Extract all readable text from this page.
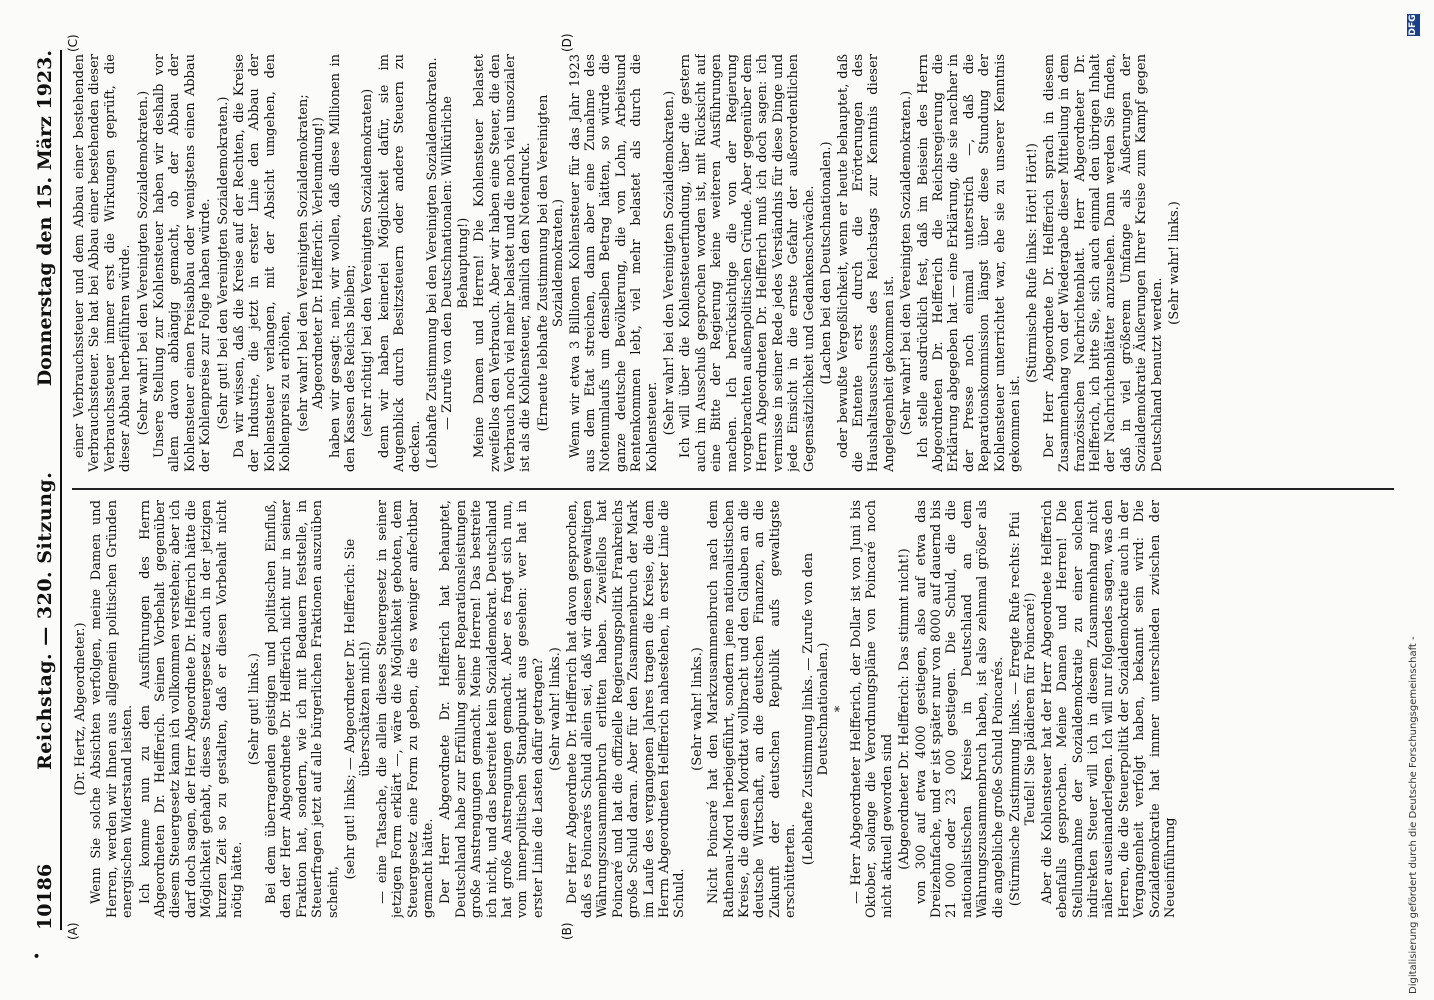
10186
Reichstag. — 320. Sitzung.
Donnerstag den 15. März 1923.
•
(A)	(B)
(C)	(D)

(Dr. Hertz, Abgeordneter.) Wenn Sie solche Absichten verfolgen, meine Damen und Herren, werden wir Ihnen aus allgemein politischen Gründen energischen Widerstand leisten. Ich komme nun zu den Ausführungen des Herrn Abgeordneten Dr. Helfferich. Seinen Vorbehalt gegenüber diesem Steuergesetz kann ich vollkommen verstehen; aber ich darf doch sagen, der Herr Abgeordnete Dr. Helfferich hätte die Möglichkeit gehabt, dieses Steuergesetz auch in der jetzigen kurzen Zeit so zu gestalten, daß er diesen Vorbehalt nicht nötig hätte.

(Sehr gut! links.) Bei dem überragenden geistigen und politischen Einfluß, den der Herr Abgeordnete Dr. Helfferich nicht nur in seiner Fraktion hat, sondern, wie ich mit Bedauern feststelle, in Steuerfragen jetzt auf alle bürgerlichen Fraktionen auszuüben scheint,

(sehr gut! links; — Abgeordneter Dr. Helfferich: Sie überschätzen mich!) — eine Tatsache, die allein dieses Steuergesetz in seiner jetzigen Form erklärt —, wäre die Möglichkeit geboten, dem Steuergesetz eine Form zu geben, die es weniger anfechtbar gemacht hätte. Der Herr Abgeordnete Dr. Helfferich hat behauptet, Deutschland habe zur Erfüllung seiner Reparationsleistungen große Anstrengungen gemacht. Meine Herren! Das bestreite ich nicht, und das bestreitet kein Sozialdemokrat. Deutschland hat große Anstrengungen gemacht. Aber es fragt sich nun, vom innerpolitischen Standpunkt aus gesehen: wer hat in erster Linie die Lasten dafür getragen? (Sehr wahr! links.) Der Herr Abgeordnete Dr. Helfferich hat davon gesprochen, daß es Poincarés Schuld allein sei, daß wir diesen gewaltigen Währungszusammenbruch erlitten haben. Zweifellos hat Poincaré und hat die offizielle Regierungspolitik Frankreichs große Schuld daran. Aber für den Zusammenbruch der Mark im Laufe des vergangenen Jahres tragen die Kreise, die dem Herrn Abgeordneten Helfferich nahestehen, in erster Linie die Schuld.

(Sehr wahr! links.) Nicht Poincaré hat den Markzusammenbruch nach dem Rathenau-Mord herbeigeführt, sondern jene nationalistischen Kreise, die diesen Mordtat vollbracht und den Glauben an die deutsche Wirtschaft, an die deutschen Finanzen, an die Zukunft der deutschen Republik aufs gewaltigste erschütterten.

(Lebhafte Zustimmung links. — Zurufe von den Deutschnationalen.) * — Herr Abgeordneter Helfferich, der Dollar ist von Juni bis Oktober, solange die Verordnungspläne von Poincaré noch nicht aktuell geworden sind (Abgeordneter Dr. Helfferich: Das stimmt nicht!) von 300 auf etwa 4000 gestiegen, also auf etwa das Dreizehnfache, und er ist später nur von 8000 auf dauernd bis 21 000 oder 23 000 gestiegen. Die Schuld, die die nationalistischen Kreise in Deutschland an dem Währungszusammenbruch haben, ist also zehnmal größer als die angebliche große Schuld Poincarés. (Stürmische Zustimmung links. — Erregte Rufe rechts: Pfui Teufel! Sie plädieren für Poincaré!) Aber die Kohlensteuer hat der Herr Abgeordnete Helfferich ebenfalls gesprochen. Meine Damen und Herren! Die Stellungnahme der Sozialdemokratie zu einer solchen indirekten Steuer will ich in diesem Zusammenhang nicht näher auseinanderlegen. Ich will nur folgendes sagen, was den Herren, die die Steuerpolitik der Sozialdemokratie auch in der Vergangenheit verfolgt haben, bekannt sein wird: Die Sozialdemokratie hat immer unterschieden zwischen der Neueinführung

einer Verbrauchssteuer und dem Abbau einer bestehenden Verbrauchssteuer. Sie hat bei Abbau einer bestehenden dieser Verbrauchssteuer immer erst die Wirkungen geprüft, die dieser Abbau herbeiführen würde. (Sehr wahr! bei den Vereinigten Sozialdemokraten.) Unsere Stellung zur Kohlensteuer haben wir deshalb vor allem davon abhängig gemacht, ob der Abbau der Kohlensteuer einen Preisabbau oder wenigstens einen Abbau der Kohlenpreise zur Folge haben würde. (Sehr gut! bei den Vereinigten Sozialdemokraten.) Da wir wissen, daß die Kreise auf der Rechten, die Kreise der Industrie, die jetzt in erster Linie den Abbau der Kohlensteuer verlangen, mit der Absicht umgehen, den Kohlenpreis zu erhöhen, (sehr wahr! bei den Vereinigten Sozialdemokraten; Abgeordneter Dr. Helfferich: Verleumdung!) haben wir gesagt: nein, wir wollen, daß diese Millionen in den Kassen des Reichs bleiben; (sehr richtig! bei den Vereinigten Sozialdemokraten) denn wir haben keinerlei Möglichkeit dafür, sie im Augenblick durch Besitzsteuern oder andere Steuern zu decken. (Lebhafte Zustimmung bei den Vereinigten Sozialdemokraten. — Zurufe von den Deutschnationalen: Willkürliche Behauptung!) Meine Damen und Herren! Die Kohlensteuer belastet zweifellos den Verbrauch. Aber wir haben eine Steuer, die den Verbrauch noch viel mehr belastet und die noch viel unsozialer ist als die Kohlensteuer, nämlich den Notendruck. (Erneute lebhafte Zustimmung bei den Vereinigten Sozialdemokraten.) Wenn wir etwa 3 Billionen Kohlensteuer für das Jahr 1923 aus dem Etat streichen, dann aber eine Zunahme des Notenumlaufs um denselben Betrag hätten, so würde die ganze deutsche Bevölkerung, die von Lohn, Arbeitsund Rentenkommen lebt, viel mehr belastet als durch die Kohlensteuer. (Sehr wahr! bei den Vereinigten Sozialdemokraten.) Ich will über die Kohlensteuerfundung, über die gestern auch im Ausschuß gesprochen worden ist, mit Rücksicht auf eine Bitte der Regierung keine weiteren Ausführungen machen. Ich berücksichtige die von der Regierung vorgebrachten außenpolitischen Gründe. Aber gegenüber dem Herrn Abgeordneten Dr. Helfferich muß ich doch sagen: ich vermisse in seiner Rede jedes Verständnis für diese Dinge und jede Einsicht in die ernste Gefahr der außerordentlichen Gegensätzlichkeit und Gedankenschwäche. (Lachen bei den Deutschnationalen.) oder bewußte Vergeßlichkeit, wenn er heute behauptet, daß die Entente erst durch die Erörterungen des Haushaltsausschusses des Reichstags zur Kenntnis dieser Angelegenheit gekommen ist. (Sehr wahr! bei den Vereinigten Sozialdemokraten.) Ich stelle ausdrücklich fest, daß im Beisein des Herrn Abgeordneten Dr. Helfferich die Reichsregierung die Erklärung abgegeben hat — eine Erklärung, die sie nachher in der Presse noch einmal unterstrich —, daß die Reparationskommission längst über diese Stundung der Kohlensteuer unterrichtet war, ehe sie zu unserer Kenntnis gekommen ist.

(Stürmische Rufe links: Hört! Hört!) Der Herr Abgeordnete Dr. Helfferich sprach in diesem Zusammenhang von der Wiedergabe dieser Mitteilung in dem französischen Nachrichtenblatt. Herr Abgeordneter Dr. Helfferich, ich bitte Sie, sich auch einmal den übrigen Inhalt der Nachrichtenblätter anzusehen. Dann werden Sie finden, daß in viel größerem Umfange als Äußerungen der Sozialdemokratie Äußerungen Ihrer Kreise zum Kampf gegen Deutschland benutzt werden.

(Sehr wahr! links.)

Digitalisierung gefördert durch die Deutsche Forschungsgemeinschaft -
DFG
